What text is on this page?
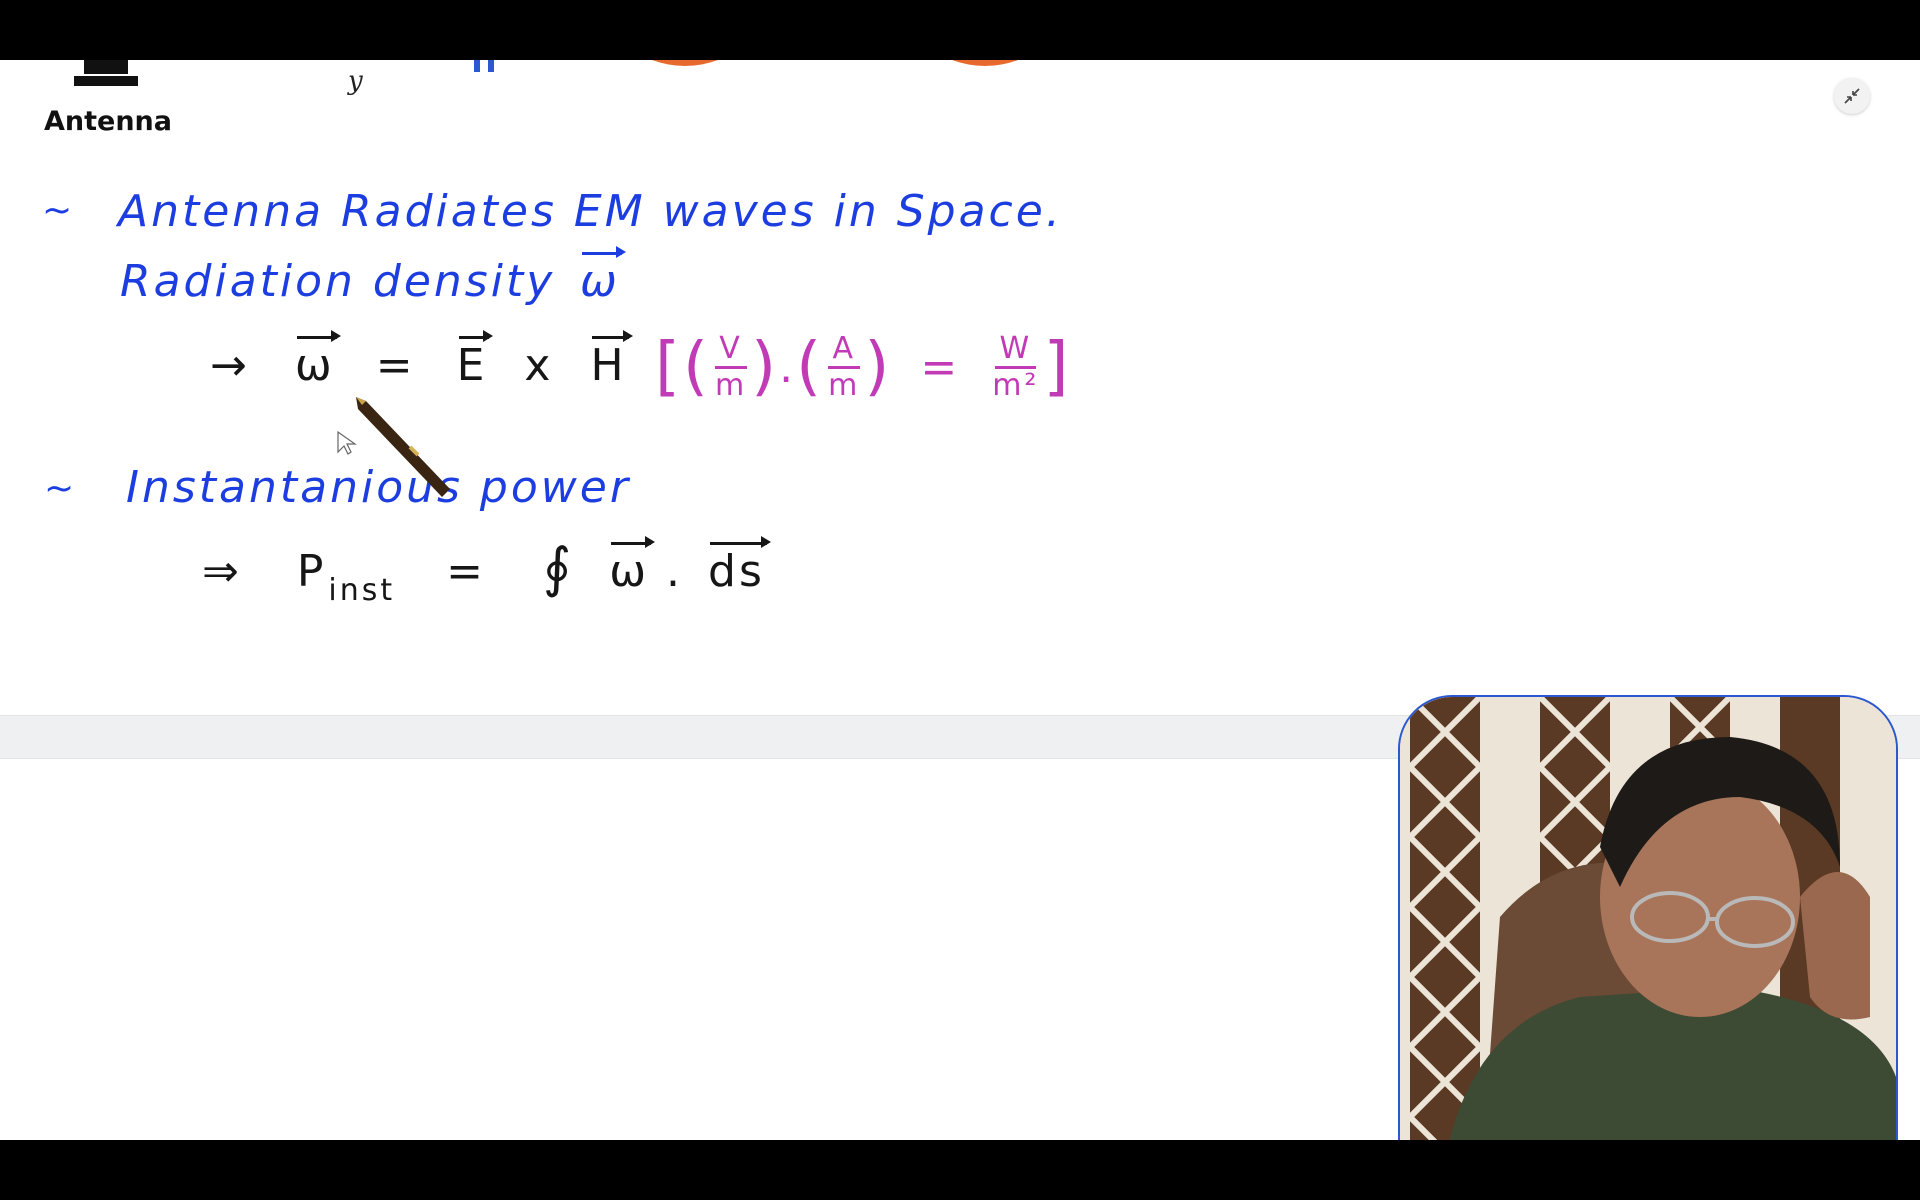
y
Antenna
~ Antenna Radiates EM waves in Space.
Radiation density ω
→ ω = E x H [ ( $\frac{V}{m}$ ) . ( $\frac{A}{m}$ ) = $\frac{W}{\text{m²}}$ ]
~ Instantanious power
⇒ $P_{inst}$ = ∮ ω . ds
